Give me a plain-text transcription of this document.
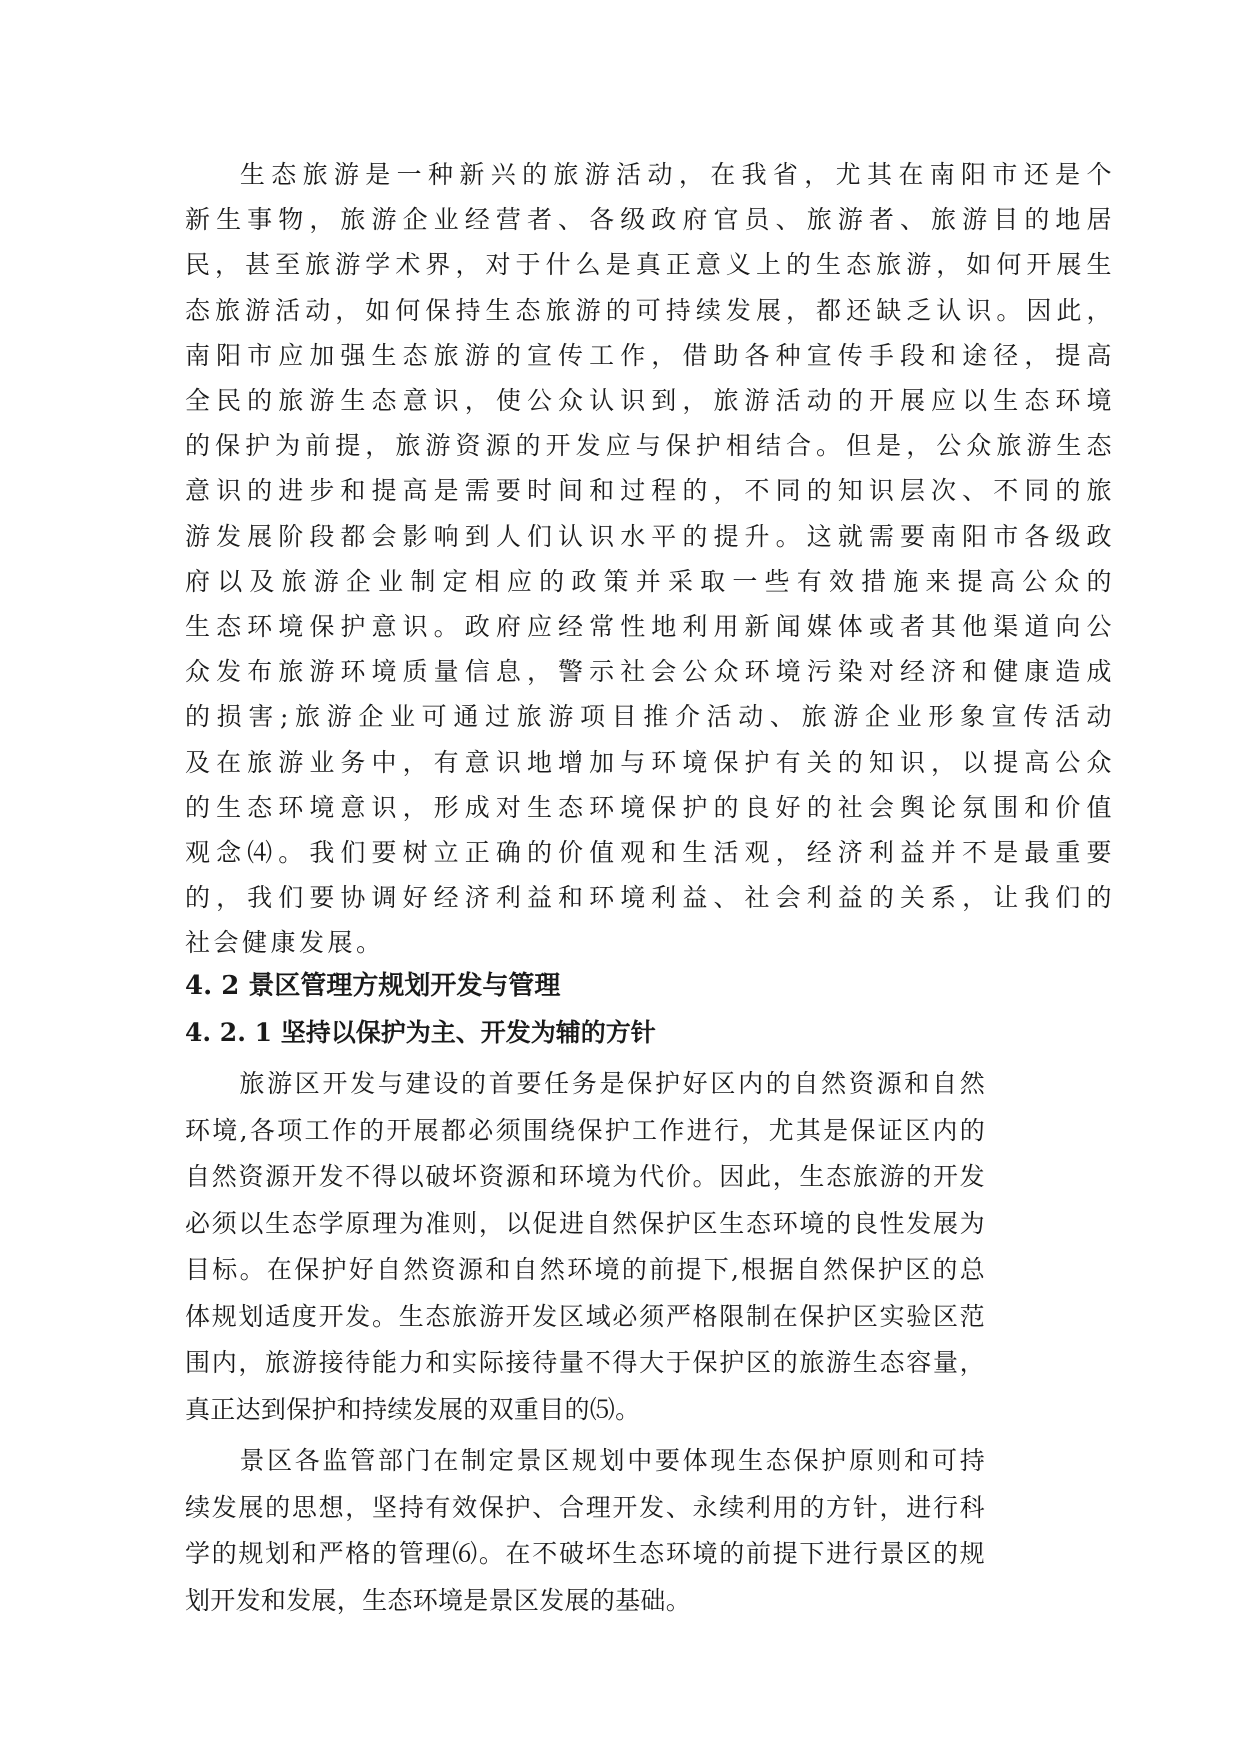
生态旅游是一种新兴的旅游活动，在我省，尤其在南阳市还是个
新生事物，旅游企业经营者、各级政府官员、旅游者、旅游目的地居
民，甚至旅游学术界，对于什么是真正意义上的生态旅游，如何开展生
态旅游活动，如何保持生态旅游的可持续发展，都还缺乏认识。因此，
南阳市应加强生态旅游的宣传工作，借助各种宣传手段和途径，提高
全民的旅游生态意识，使公众认识到，旅游活动的开展应以生态环境
的保护为前提，旅游资源的开发应与保护相结合。但是，公众旅游生态
意识的进步和提高是需要时间和过程的，不同的知识层次、不同的旅
游发展阶段都会影响到人们认识水平的提升。这就需要南阳市各级政
府以及旅游企业制定相应的政策并采取一些有效措施来提高公众的
生态环境保护意识。政府应经常性地利用新闻媒体或者其他渠道向公
众发布旅游环境质量信息，警示社会公众环境污染对经济和健康造成
的损害;旅游企业可通过旅游项目推介活动、旅游企业形象宣传活动
及在旅游业务中，有意识地增加与环境保护有关的知识，以提高公众
的生态环境意识，形成对生态环境保护的良好的社会舆论氛围和价值
观念⑷。我们要树立正确的价值观和生活观，经济利益并不是最重要
的，我们要协调好经济利益和环境利益、社会利益的关系，让我们的
社会健康发展。
4. 2 景区管理方规划开发与管理
4. 2. 1 坚持以保护为主、开发为辅的方针
旅游区开发与建设的首要任务是保护好区内的自然资源和自然
环境,各项工作的开展都必须围绕保护工作进行，尤其是保证区内的
自然资源开发不得以破坏资源和环境为代价。因此，生态旅游的开发
必须以生态学原理为准则，以促进自然保护区生态环境的良性发展为
目标。在保护好自然资源和自然环境的前提下,根据自然保护区的总
体规划适度开发。生态旅游开发区域必须严格限制在保护区实验区范
围内，旅游接待能力和实际接待量不得大于保护区的旅游生态容量，
真正达到保护和持续发展的双重目的⑸。
景区各监管部门在制定景区规划中要体现生态保护原则和可持
续发展的思想，坚持有效保护、合理开发、永续利用的方针，进行科
学的规划和严格的管理⑹。在不破坏生态环境的前提下进行景区的规
划开发和发展，生态环境是景区发展的基础。
